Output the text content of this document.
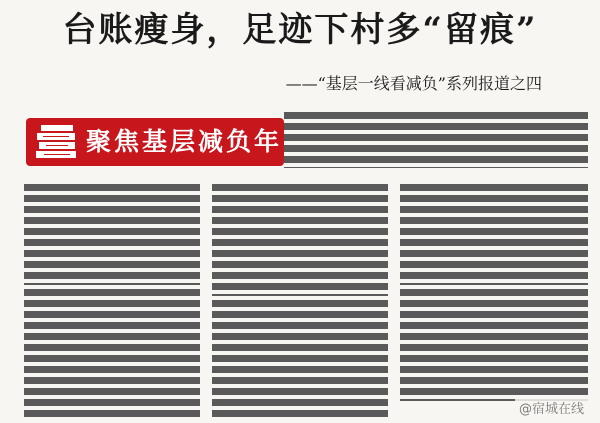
台账瘦身，足迹下村多“留痕”
——“基层一线看减负”系列报道之四
聚焦基层减负年
@宿城在线
